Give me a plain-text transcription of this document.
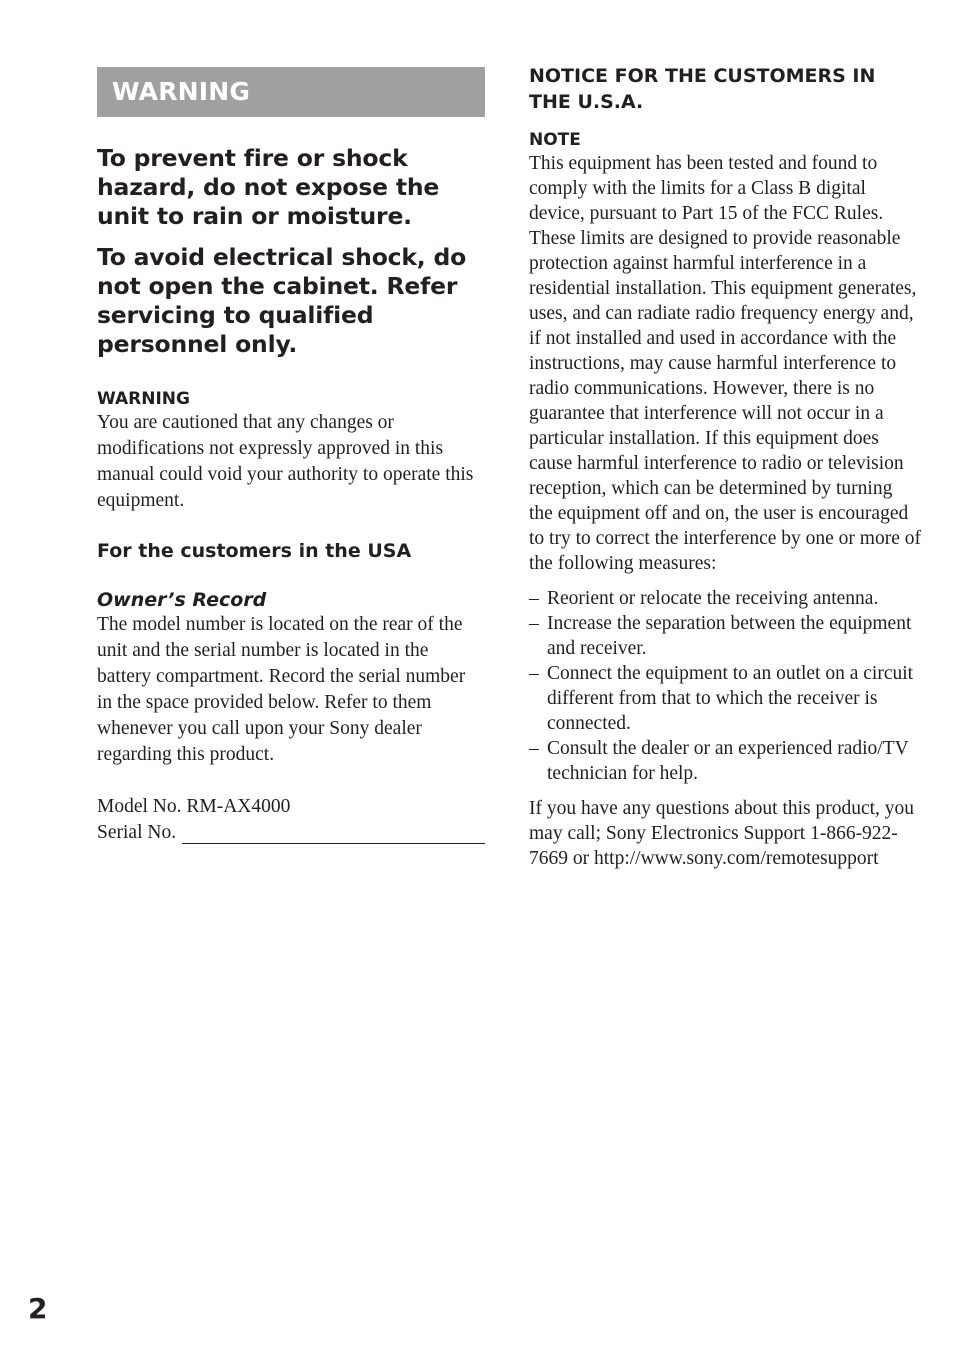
WARNING

To prevent fire or shock hazard, do not expose the unit to rain or moisture.

To avoid electrical shock, do not open the cabinet. Refer servicing to qualified personnel only.

WARNING

You are cautioned that any changes or modifications not expressly approved in this manual could void your authority to operate this equipment.

For the customers in the USA

Owner’s Record

The model number is located on the rear of the unit and the serial number is located in the battery compartment. Record the serial number in the space provided below. Refer to them whenever you call upon your Sony dealer regarding this product.

Model No. RM-AX4000
Serial No.

NOTICE FOR THE CUSTOMERS IN THE U.S.A.

NOTE

This equipment has been tested and found to comply with the limits for a Class B digital device, pursuant to Part 15 of the FCC Rules. These limits are designed to provide reasonable protection against harmful interference in a residential installation. This equipment generates, uses, and can radiate radio frequency energy and, if not installed and used in accordance with the instructions, may cause harmful interference to radio communications. However, there is no guarantee that interference will not occur in a particular installation. If this equipment does cause harmful interference to radio or television reception, which can be determined by turning the equipment off and on, the user is encouraged to try to correct the interference by one or more of the following measures:

– Reorient or relocate the receiving antenna.
– Increase the separation between the equipment and receiver.
– Connect the equipment to an outlet on a circuit different from that to which the receiver is connected.
– Consult the dealer or an experienced radio/TV technician for help.

If you have any questions about this product, you may call; Sony Electronics Support 1-866-922-7669 or http://www.sony.com/remotesupport

2
